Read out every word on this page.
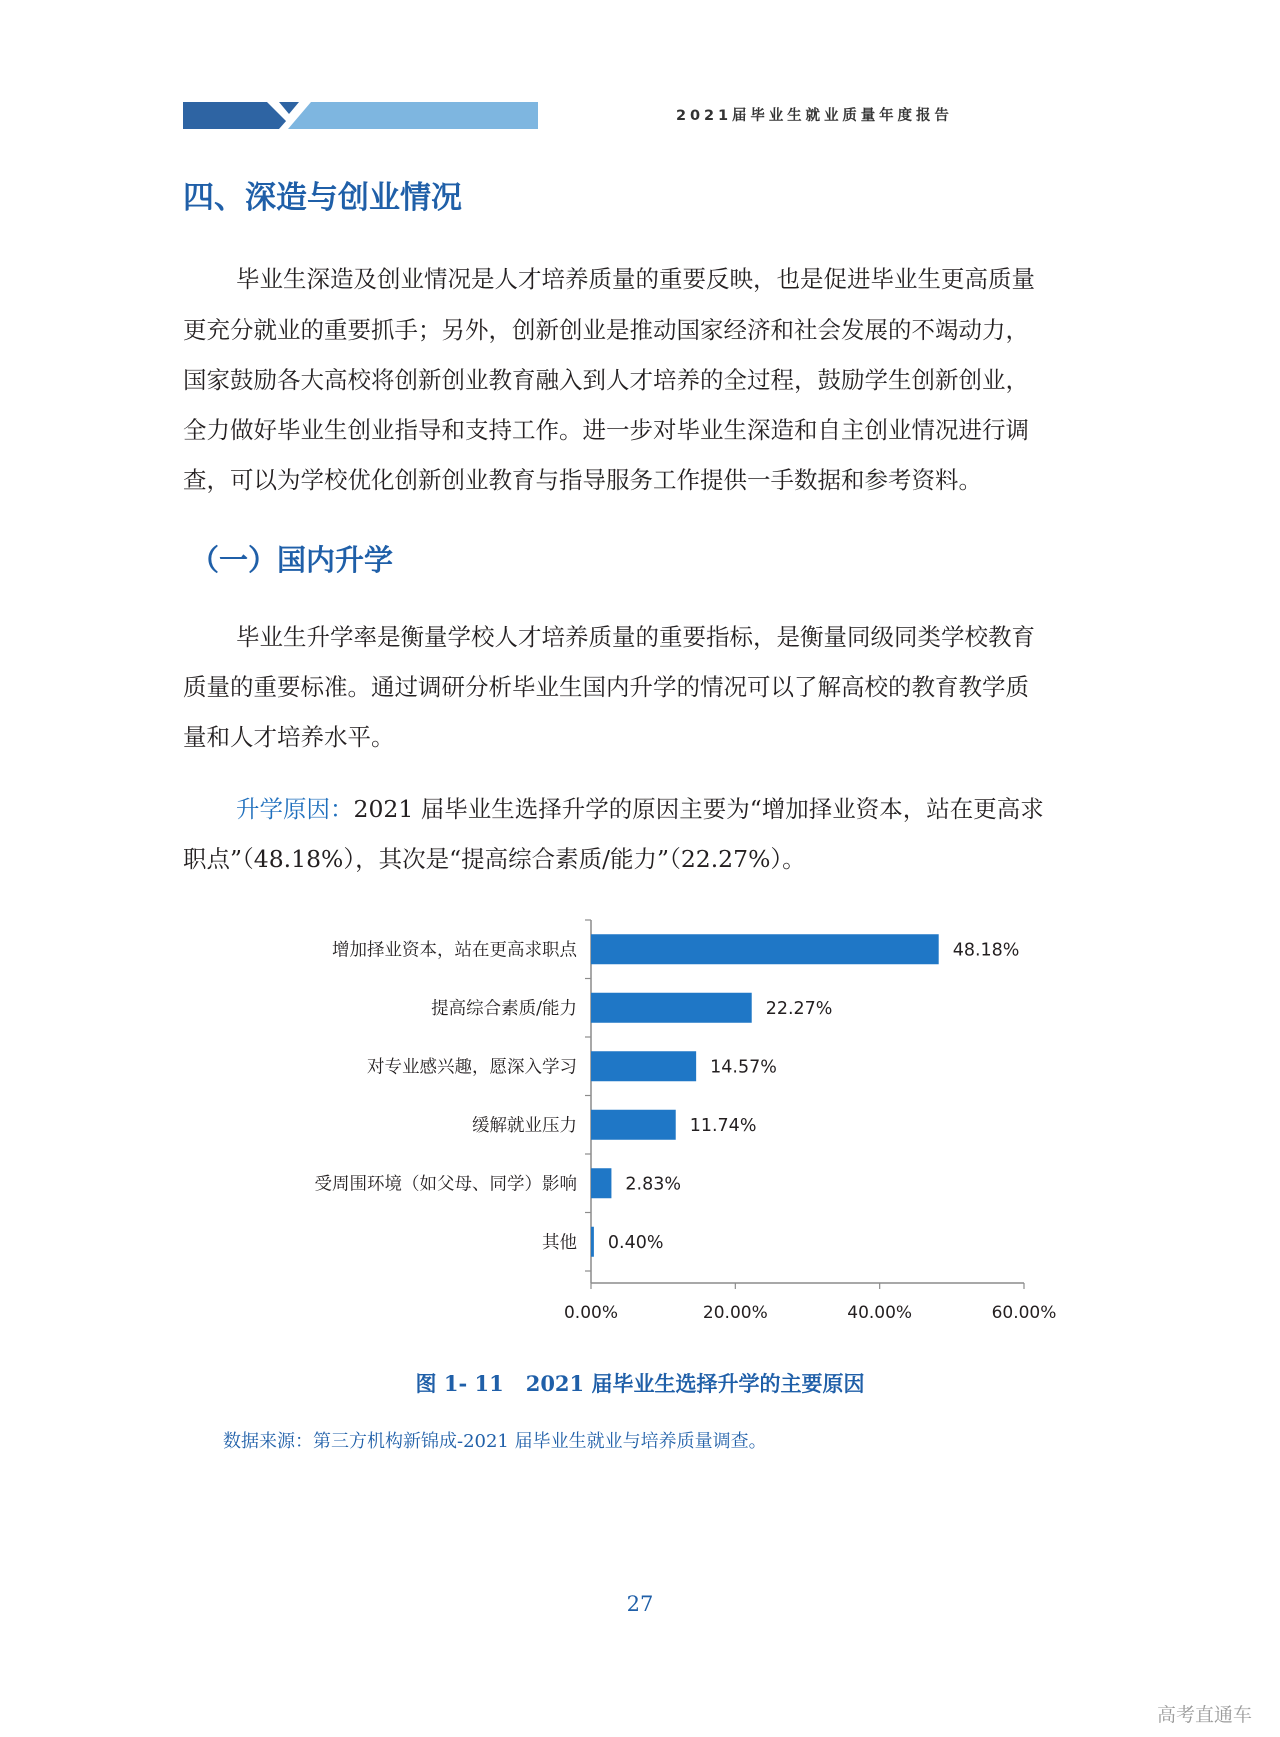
2021届毕业生就业质量年度报告
四、深造与创业情况
毕业生深造及创业情况是人才培养质量的重要反映，也是促进毕业生更高质量
更充分就业的重要抓手；另外，创新创业是推动国家经济和社会发展的不竭动力，
国家鼓励各大高校将创新创业教育融入到人才培养的全过程，鼓励学生创新创业，
全力做好毕业生创业指导和支持工作。进一步对毕业生深造和自主创业情况进行调
查，可以为学校优化创新创业教育与指导服务工作提供一手数据和参考资料。
（一）国内升学
毕业生升学率是衡量学校人才培养质量的重要指标，是衡量同级同类学校教育
质量的重要标准。通过调研分析毕业生国内升学的情况可以了解高校的教育教学质
量和人才培养水平。
升学原因：2021 届毕业生选择升学的原因主要为“增加择业资本，站在更高求
职点”（48.18%），其次是“提高综合素质/能力”（22.27%）。
0.00%	20.00%	40.00%	60.00%
增加择业资本，站在更高求职点	48.18%
提高综合素质/能力	22.27%
对专业感兴趣，愿深入学习	14.57%
缓解就业压力	11.74%
受周围环境（如父母、同学）影响	2.83%
其他 0.40%
图 1- 11 2021 届毕业生选择升学的主要原因
数据来源：第三方机构新锦成-2021 届毕业生就业与培养质量调查。
27
高考直通车
